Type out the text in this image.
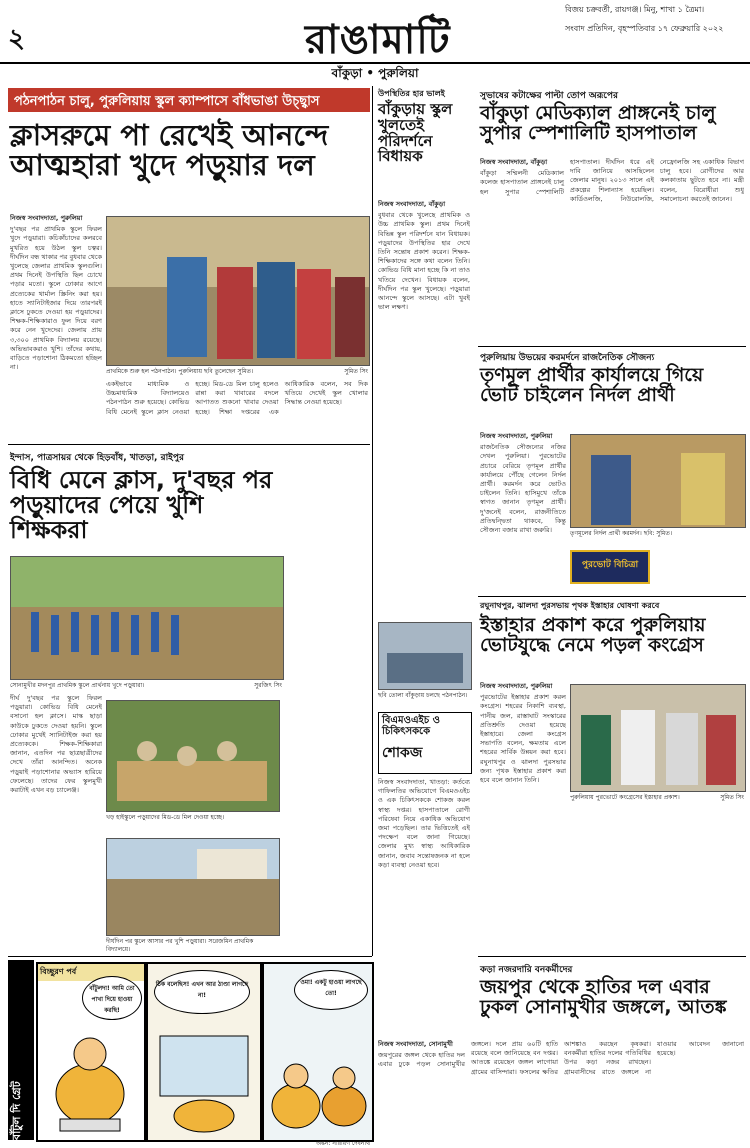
২	রাঙামাটি
বিজয় চক্রবর্তী, রায়গঞ্জ। মিনু, শাখা ১ ত্রৈমা।
সংবাদ প্রতিদিন, বৃহস্পতিবার ১৭ ফেব্রুয়ারি ২০২২
বাঁকুড়া • পুরুলিয়া
পঠনপাঠন চালু, পুরুলিয়ায় স্কুল ক্যাম্পাসে বাঁধভাঙা উচ্ছ্বাস
ক্লাসরুমে পা রেখেই আনন্দে আত্মহারা খুদে পড়ুয়ার দল

নিজস্ব সংবাদদাতা, পুরুলিয়া

দু'বছর পর প্রাথমিক স্কুলে ফিরল খুদে পড়ুয়ারা। কচিকাঁচাদের কলরবে মুখরিত হয়ে উঠল স্কুল চত্বর। দীর্ঘদিন বন্ধ থাকার পর বুধবার থেকে খুলেছে জেলার প্রাথমিক স্কুলগুলি। প্রথম দিনেই উপস্থিতি ছিল চোখে পড়ার মতো। স্কুলে ঢোকার আগে প্রত্যেকের থার্মাল স্ক্রিনিং করা হয়। হাতে স্যানিটাইজার দিয়ে তারপরই ক্লাসে ঢুকতে দেওয়া হয় পড়ুয়াদের। শিক্ষক-শিক্ষিকারাও ফুল দিয়ে বরণ করে নেন খুদেদের। জেলায় প্রায় ৩,৩০০ প্রাথমিক বিদ্যালয় রয়েছে। অভিভাবকরাও খুশি। তাঁদের কথায়, বাড়িতে পড়াশোনা ঠিকমতো হচ্ছিল না।

প্রাথমিকে শুরু হল পঠনপাঠন। পুরুলিয়ায় ছবি তুলেছেন সুমিত।	সুমিত সিং

একইভাবে মাধ্যমিক ও উচ্চমাধ্যমিক বিদ্যালয়েও পঠনপাঠন শুরু হয়েছে। কোভিড বিধি মেনেই স্কুলে ক্লাস নেওয়া হচ্ছে। মিড-ডে মিল চালু হলেও রান্না করা খাবারের বদলে আপাতত শুকনো খাবার দেওয়া হচ্ছে। শিক্ষা দপ্তরের এক আধিকারিক বলেন, সব দিক খতিয়ে দেখেই স্কুল খোলার সিদ্ধান্ত নেওয়া হয়েছে।

ইন্দাস, পাত্রসায়র থেকে হিড়বাঁধ, খাতড়া, রাইপুর
বিধি মেনে ক্লাস, দু'বছর পর পড়ুয়াদের পেয়ে খুশি শিক্ষকরা
সোনামুখীর মদনপুর প্রাথমিক স্কুলে প্রার্থনায় খুদে পড়ুয়ারা।	সুরজিৎ সিং

দীর্ঘ দু'বছর পর স্কুলে ফিরল পড়ুয়ারা। কোভিড বিধি মেনেই বসানো হল ক্লাসে। মাস্ক ছাড়া কাউকে ঢুকতে দেওয়া হয়নি। স্কুলে ঢোকার মুখেই স্যানিটাইজ করা হয় প্রত্যেককে। শিক্ষক-শিক্ষিকারা জানান, এতদিন পর ছাত্রছাত্রীদের দেখে তাঁরা আনন্দিত। অনেক পড়ুয়াই পড়াশোনার অভ্যাস হারিয়ে ফেলেছে। তাদের ফের স্কুলমুখী করাটাই এখন বড় চ্যালেঞ্জ।

খড় হাইস্কুলে পড়ুয়াদের মিড-ডে মিল দেওয়া হচ্ছে।
দীর্ঘদিন পর স্কুলে আসার পর খুশি পড়ুয়ারা। সরেজমিন প্রাথমিক বিদ্যালয়ে।
উপস্থিতির হার ভালই
বাঁকুড়ায় স্কুল খুলতেই পরিদর্শনে বিধায়ক

নিজস্ব সংবাদদাতা, বাঁকুড়া

বুধবার থেকে খুলেছে প্রাথমিক ও উচ্চ প্রাথমিক স্কুল। প্রথম দিনেই বিভিন্ন স্কুল পরিদর্শনে যান বিধায়ক। পড়ুয়াদের উপস্থিতির হার দেখে তিনি সন্তোষ প্রকাশ করেন। শিক্ষক-শিক্ষিকাদের সঙ্গে কথা বলেন তিনি। কোভিড বিধি মানা হচ্ছে কি না তাও খতিয়ে দেখেন। বিধায়ক বলেন, দীর্ঘদিন পর স্কুল খুলেছে। পড়ুয়ারা আনন্দে স্কুলে আসছে। এটা খুবই ভাল লক্ষণ।

ছবি তোলা বাঁকুড়ায় চলছে পঠনপাঠন।
বিএমওএইচ ও চিকিৎসককে
শোকজ

নিজস্ব সংবাদদাতা, খাতড়া: কর্তব্যে গাফিলতির অভিযোগে বিএমওএইচ ও এক চিকিৎসককে শোকজ করল স্বাস্থ্য দপ্তর। হাসপাতালে রোগী পরিষেবা নিয়ে একাধিক অভিযোগ জমা পড়েছিল। তার ভিত্তিতেই এই পদক্ষেপ বলে জানা গিয়েছে। জেলার মুখ্য স্বাস্থ্য আধিকারিক জানান, জবাব সন্তোষজনক না হলে কড়া ব্যবস্থা নেওয়া হবে।

সুভাষের কটাক্ষের পাল্টা তোপ অরূপের
বাঁকুড়া মেডিক্যাল প্রাঙ্গনেই চালু সুপার স্পেশালিটি হাসপাতাল

নিজস্ব সংবাদদাতা, বাঁকুড়া

বাঁকুড়া সম্মিলনী মেডিক্যাল কলেজ হাসপাতাল প্রাঙ্গনেই চালু হল সুপার স্পেশালিটি হাসপাতাল। দীর্ঘদিন ধরে এই দাবি জানিয়ে আসছিলেন জেলার মানুষ। ২০১৩ সালে এই প্রকল্পের শিলান্যাস হয়েছিল। কার্ডিওলজি, নিউরোলজি, নেফ্রোলজি সহ একাধিক বিভাগ চালু হবে। রোগীদের আর কলকাতায় ছুটতে হবে না। মন্ত্রী বলেন, বিরোধীরা শুধু সমালোচনা করতেই জানেন।

পুরুলিয়ায় উভয়ের করমর্দনে রাজনৈতিক সৌজন্য
তৃণমূল প্রার্থীর কার্যালয়ে গিয়ে ভোট চাইলেন নির্দল প্রার্থী

নিজস্ব সংবাদদাতা, পুরুলিয়া

রাজনৈতিক সৌজন্যের নজির দেখল পুরুলিয়া। পুরভোটের প্রচারে বেরিয়ে তৃণমূল প্রার্থীর কার্যালয়ে পৌঁছে গেলেন নির্দল প্রার্থী। করমর্দন করে ভোটও চাইলেন তিনি। হাসিমুখে তাঁকে স্বাগত জানান তৃণমূল প্রার্থী। দু'জনেই বলেন, রাজনীতিতে প্রতিদ্বন্দ্বিতা থাকবে, কিন্তু সৌজন্য বজায় রাখা জরুরি।	তৃণমূলের নির্দল প্রার্থী করমর্দন। ছবি: সুমিত।
পুরভোট বিচিত্রা
রঘুনাথপুর, ঝালদা পুরসভায় পৃথক ইস্তাহার ঘোষণা করবে
ইস্তাহার প্রকাশ করে পুরুলিয়ায় ভোটযুদ্ধে নেমে পড়ল কংগ্রেস

নিজস্ব সংবাদদাতা, পুরুলিয়া

পুরভোটের ইস্তাহার প্রকাশ করল কংগ্রেস। শহরের নিকাশি ব্যবস্থা, পানীয় জল, রাস্তাঘাট সংস্কারের প্রতিশ্রুতি দেওয়া হয়েছে ইস্তাহারে। জেলা কংগ্রেস সভাপতি বলেন, ক্ষমতায় এলে শহরের সার্বিক উন্নয়ন করা হবে। রঘুনাথপুর ও ঝালদা পুরসভার জন্য পৃথক ইস্তাহার প্রকাশ করা হবে বলে জানান তিনি।

পুরুলিয়ায় পুরভোটে কংগ্রেসের ইস্তাহার প্রকাশ।	সুমিত সিং
কড়া নজরদারি বনকর্মীদের
জয়পুর থেকে হাতির দল এবার ঢুকল সোনামুখীর জঙ্গলে, আতঙ্ক

নিজস্ব সংবাদদাতা, সোনামুখী

জয়পুরের জঙ্গল থেকে হাতির দল এবার ঢুকে পড়ল সোনামুখীর জঙ্গলে। দলে প্রায় ৬০টি হাতি রয়েছে বলে জানিয়েছে বন দপ্তর। আতঙ্কে রয়েছেন জঙ্গল লাগোয়া গ্রামের বাসিন্দারা। ফসলের ক্ষতির আশঙ্কাও করছেন কৃষকরা। বনকর্মীরা হাতির দলের গতিবিধির উপর কড়া নজর রাখছেন। গ্রামবাসীদের রাতে জঙ্গলে না যাওয়ার আবেদন জানানো হয়েছে।

বাঁটুল দি গ্রেট
বিচ্ছুরণ পর্ব
বাঁটুলদা! আমি তো পাখা দিয়ে হাওয়া করছি!
ঠিক বলেছিস! এখন আর ঠাণ্ডা লাগছে না!
ওমা! একটু হাওয়া লাগছে তো!
অঙ্কন: নারায়ণ দেবনাথ
